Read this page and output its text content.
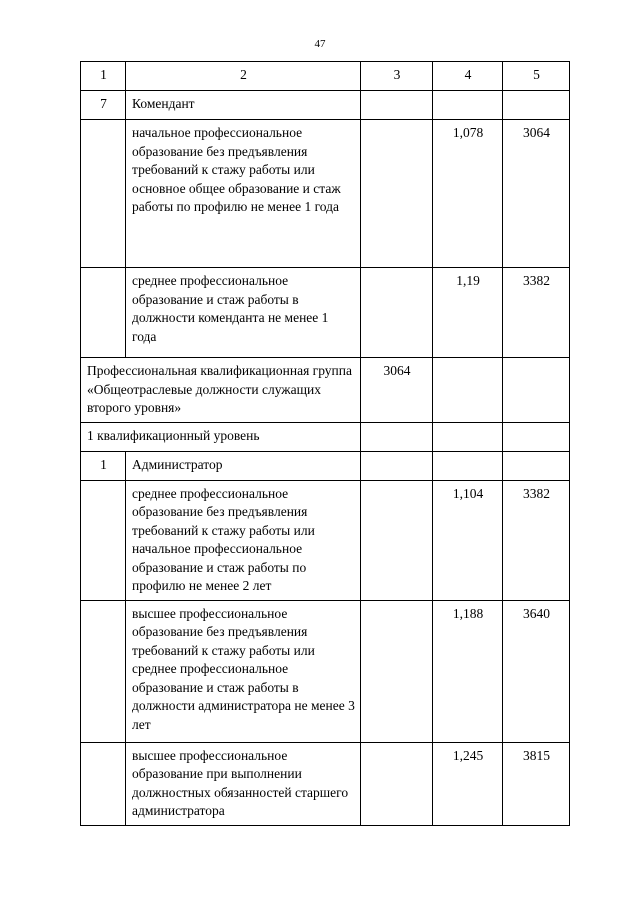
47
1	2	3	4	5
7	Комендант			
	начальное профессиональное образование без предъявления требований к стажу работы или основное общее образование и стаж работы по профилю не менее 1 года		1,078	3064
	среднее профессиональное образование и стаж работы в должности коменданта не менее 1 года		1,19	3382
Профессиональная квалификационная группа «Общеотраслевые должности служащих второго уровня»		3064		
1 квалификационный уровень				
1	Администратор			
	среднее профессиональное образование без предъявления требований к стажу работы или начальное профессиональное образование и стаж работы по профилю не менее 2 лет		1,104	3382
	высшее профессиональное образование без предъявления требований к стажу работы или среднее профессиональное образование и стаж работы в должности администратора не менее 3 лет		1,188	3640
	высшее профессиональное образование при выполнении должностных обязанностей старшего администратора		1,245	3815
